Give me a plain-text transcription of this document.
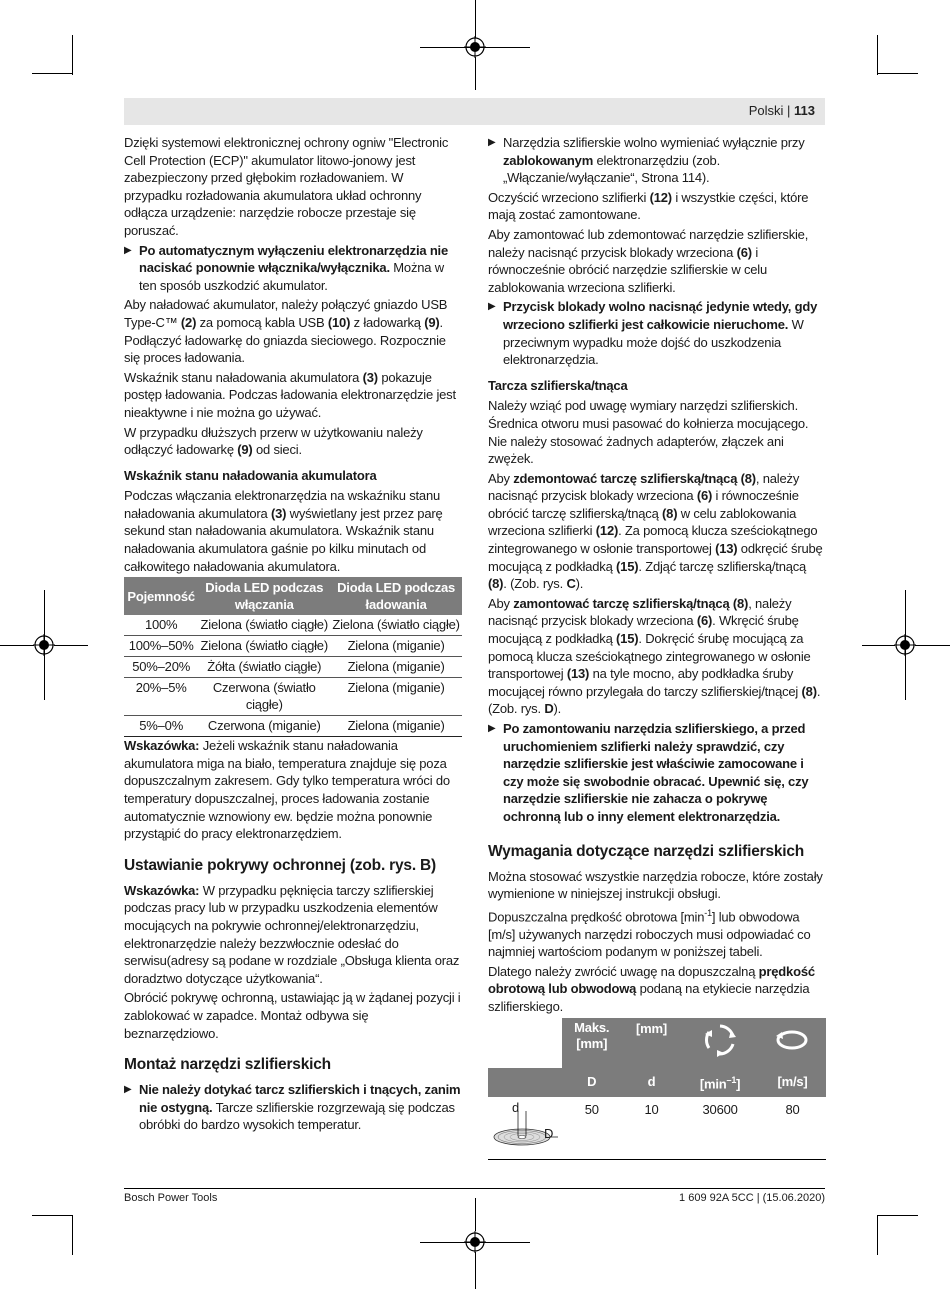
Polski | 113

Dzięki systemowi elektronicznej ochrony ogniw "Electronic Cell Protection (ECP)" akumulator litowo-jonowy jest zabezpieczony przed głębokim rozładowaniem. W przypadku rozładowania akumulatora układ ochronny odłącza urządzenie: narzędzie robocze przestaje się poruszać.

▶ Po automatycznym wyłączeniu elektronarzędzia nie naciskać ponownie włącznika/wyłącznika. Można w ten sposób uszkodzić akumulator.

Aby naładować akumulator, należy połączyć gniazdo USB Type-C™ (2) za pomocą kabla USB (10) z ładowarką (9). Podłączyć ładowarkę do gniazda sieciowego. Rozpocznie się proces ładowania.

Wskaźnik stanu naładowania akumulatora (3) pokazuje postęp ładowania. Podczas ładowania elektronarzędzie jest nieaktywne i nie można go używać.

W przypadku dłuższych przerw w użytkowaniu należy odłączyć ładowarkę (9) od sieci.

Wskaźnik stanu naładowania akumulatora

Podczas włączania elektronarzędzia na wskaźniku stanu naładowania akumulatora (3) wyświetlany jest przez parę sekund stan naładowania akumulatora. Wskaźnik stanu naładowania akumulatora gaśnie po kilku minutach od całkowitego naładowania akumulatora.

Pojemność	Dioda LED podczas włączania	Dioda LED podczas ładowania
100%	Zielona (światło ciągłe)	Zielona (światło ciągłe)
100%–50%	Zielona (światło ciągłe)	Zielona (miganie)
50%–20%	Żółta (światło ciągłe)	Zielona (miganie)
20%–5%	Czerwona (światło ciągłe)	Zielona (miganie)
5%–0%	Czerwona (miganie)	Zielona (miganie)

Wskazówka: Jeżeli wskaźnik stanu naładowania akumulatora miga na biało, temperatura znajduje się poza dopuszczalnym zakresem. Gdy tylko temperatura wróci do temperatury dopuszczalnej, proces ładowania zostanie automatycznie wznowiony ew. będzie można ponownie przystąpić do pracy elektronarzędziem.

Ustawianie pokrywy ochronnej (zob. rys. B)

Wskazówka: W przypadku pęknięcia tarczy szlifierskiej podczas pracy lub w przypadku uszkodzenia elementów mocujących na pokrywie ochronnej/elektronarzędziu, elektronarzędzie należy bezzwłocznie odesłać do serwisu(adresy są podane w rozdziale „Obsługa klienta oraz doradztwo dotyczące użytkowania“.

Obrócić pokrywę ochronną, ustawiając ją w żądanej pozycji i zablokować w zapadce. Montaż odbywa się beznarzędziowo.

Montaż narzędzi szlifierskich
▶ Nie należy dotykać tarcz szlifierskich i tnących, zanim nie ostygną. Tarcze szlifierskie rozgrzewają się podczas obróbki do bardzo wysokich temperatur.
▶ Narzędzia szlifierskie wolno wymieniać wyłącznie przy zablokowanym elektronarzędziu (zob. „Włączanie/wyłączanie“, Strona 114).

Oczyścić wrzeciono szlifierki (12) i wszystkie części, które mają zostać zamontowane.

Aby zamontować lub zdemontować narzędzie szlifierskie, należy nacisnąć przycisk blokady wrzeciona (6) i równocześnie obrócić narzędzie szlifierskie w celu zablokowania wrzeciona szlifierki.

▶ Przycisk blokady wolno nacisnąć jedynie wtedy, gdy wrzeciono szlifierki jest całkowicie nieruchome. W przeciwnym wypadku może dojść do uszkodzenia elektronarzędzia.
Tarcza szlifierska/tnąca

Należy wziąć pod uwagę wymiary narzędzi szlifierskich. Średnica otworu musi pasować do kołnierza mocującego. Nie należy stosować żadnych adapterów, złączek ani zwężek.

Aby zdemontować tarczę szlifierską/tnącą (8), należy nacisnąć przycisk blokady wrzeciona (6) i równocześnie obrócić tarczę szlifierską/tnącą (8) w celu zablokowania wrzeciona szlifierki (12). Za pomocą klucza sześciokątnego zintegrowanego w osłonie transportowej (13) odkręcić śrubę mocującą z podkładką (15). Zdjąć tarczę szlifierską/tnącą (8). (Zob. rys. C).

Aby zamontować tarczę szlifierską/tnącą (8), należy nacisnąć przycisk blokady wrzeciona (6). Wkręcić śrubę mocującą z podkładką (15). Dokręcić śrubę mocującą za pomocą klucza sześciokątnego zintegrowanego w osłonie transportowej (13) na tyle mocno, aby podkładka śruby mocującej równo przylegała do tarczy szlifierskiej/tnącej (8). (Zob. rys. D).

▶ Po zamontowaniu narzędzia szlifierskiego, a przed uruchomieniem szlifierki należy sprawdzić, czy narzędzie szlifierskie jest właściwie zamocowane i czy może się swobodnie obracać. Upewnić się, czy narzędzie szlifierskie nie zahacza o pokrywę ochronną lub o inny element elektronarzędzia.
Wymagania dotyczące narzędzi szlifierskich

Można stosować wszystkie narzędzia robocze, które zostały wymienione w niniejszej instrukcji obsługi.

Dopuszczalna prędkość obrotowa $[\min^{-1}]$ lub obwodowa [m/s] używanych narzędzi roboczych musi odpowiadać co najmniej wartościom podanym w poniższej tabeli.

Dlatego należy zwrócić uwagę na dopuszczalną prędkość obrotową lub obwodową podaną na etykiecie narzędzia szlifierskiego.

	Maks. [mm]	[mm]		
	D	d	$[\min^{-1}]$	[m/s]

d
D	50	10	30600	80
Bosch Power Tools	1 609 92A 5CC | (15.06.2020)
